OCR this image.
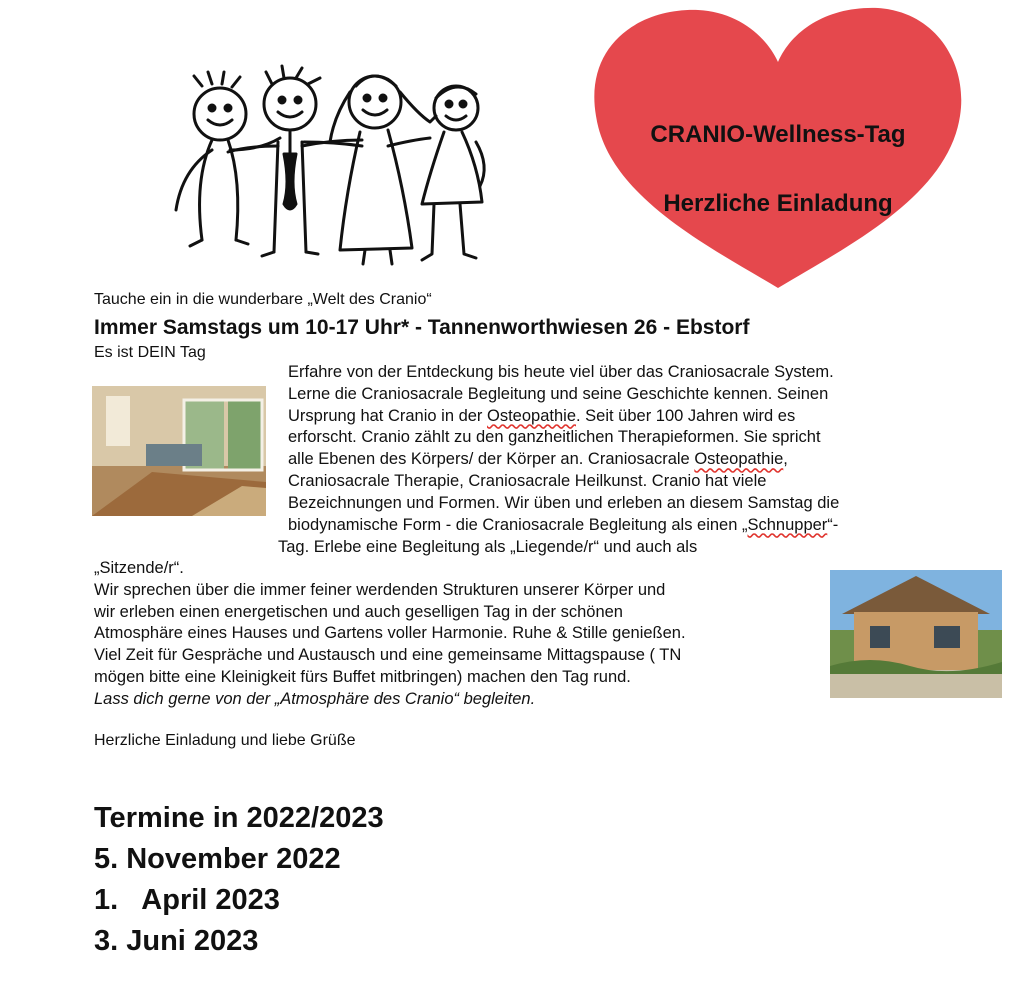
CRANIO-Wellness-Tag
Herzliche Einladung
Tauche ein in die wunderbare „Welt des Cranio“
Immer Samstags um 10-17 Uhr* - Tannenworthwiesen 26 - Ebstorf
Es ist DEIN Tag
Erfahre von der Entdeckung bis heute viel über das Craniosacrale System.
Lerne die Craniosacrale Begleitung und seine Geschichte kennen. Seinen
Ursprung hat Cranio in der Osteopathie. Seit über 100 Jahren wird es
erforscht. Cranio zählt zu den ganzheitlichen Therapieformen. Sie spricht
alle Ebenen des Körpers/ der Körper an. Craniosacrale Osteopathie,
Craniosacrale Therapie, Craniosacrale Heilkunst. Cranio hat viele
Bezeichnungen und Formen. Wir üben und erleben an diesem Samstag die
biodynamische Form - die Craniosacrale Begleitung als einen „Schnupper“-
Tag. Erlebe eine Begleitung als „Liegende/r“ und auch als
„Sitzende/r“.
Wir sprechen über die immer feiner werdenden Strukturen unserer Körper und
wir erleben einen energetischen und auch geselligen Tag in der schönen
Atmosphäre eines Hauses und Gartens voller Harmonie. Ruhe & Stille genießen.
Viel Zeit für Gespräche und Austausch und eine gemeinsame Mittagspause ( TN
mögen bitte eine Kleinigkeit fürs Buffet mitbringen) machen den Tag rund.
Lass dich gerne von der „Atmosphäre des Cranio“ begleiten.
Herzliche Einladung und liebe Grüße
Termine in 2022/2023
5. November 2022
1.   April 2023
3. Juni 2023
